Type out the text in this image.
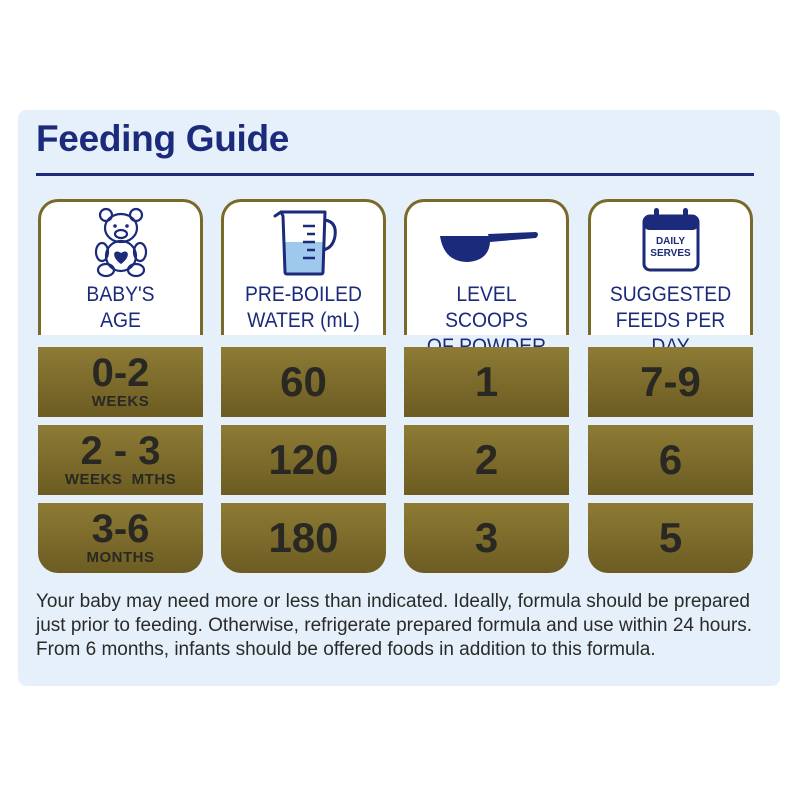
Feeding Guide
BABY'S
AGE
0-2
WEEKS
2 - 3
WEEKS  MTHS
3-6
MONTHS
PRE-BOILED
WATER (mL)
60
120
180
LEVEL SCOOPS
1
2
3
DAILY
SERVES
SUGGESTED
FEEDS PER
7-9
6
5
Your baby may need more or less than indicated. Ideally, formula should be prepared
just prior to feeding. Otherwise, refrigerate prepared formula and use within 24 hours.
From 6 months, infants should be offered foods in addition to this formula.
